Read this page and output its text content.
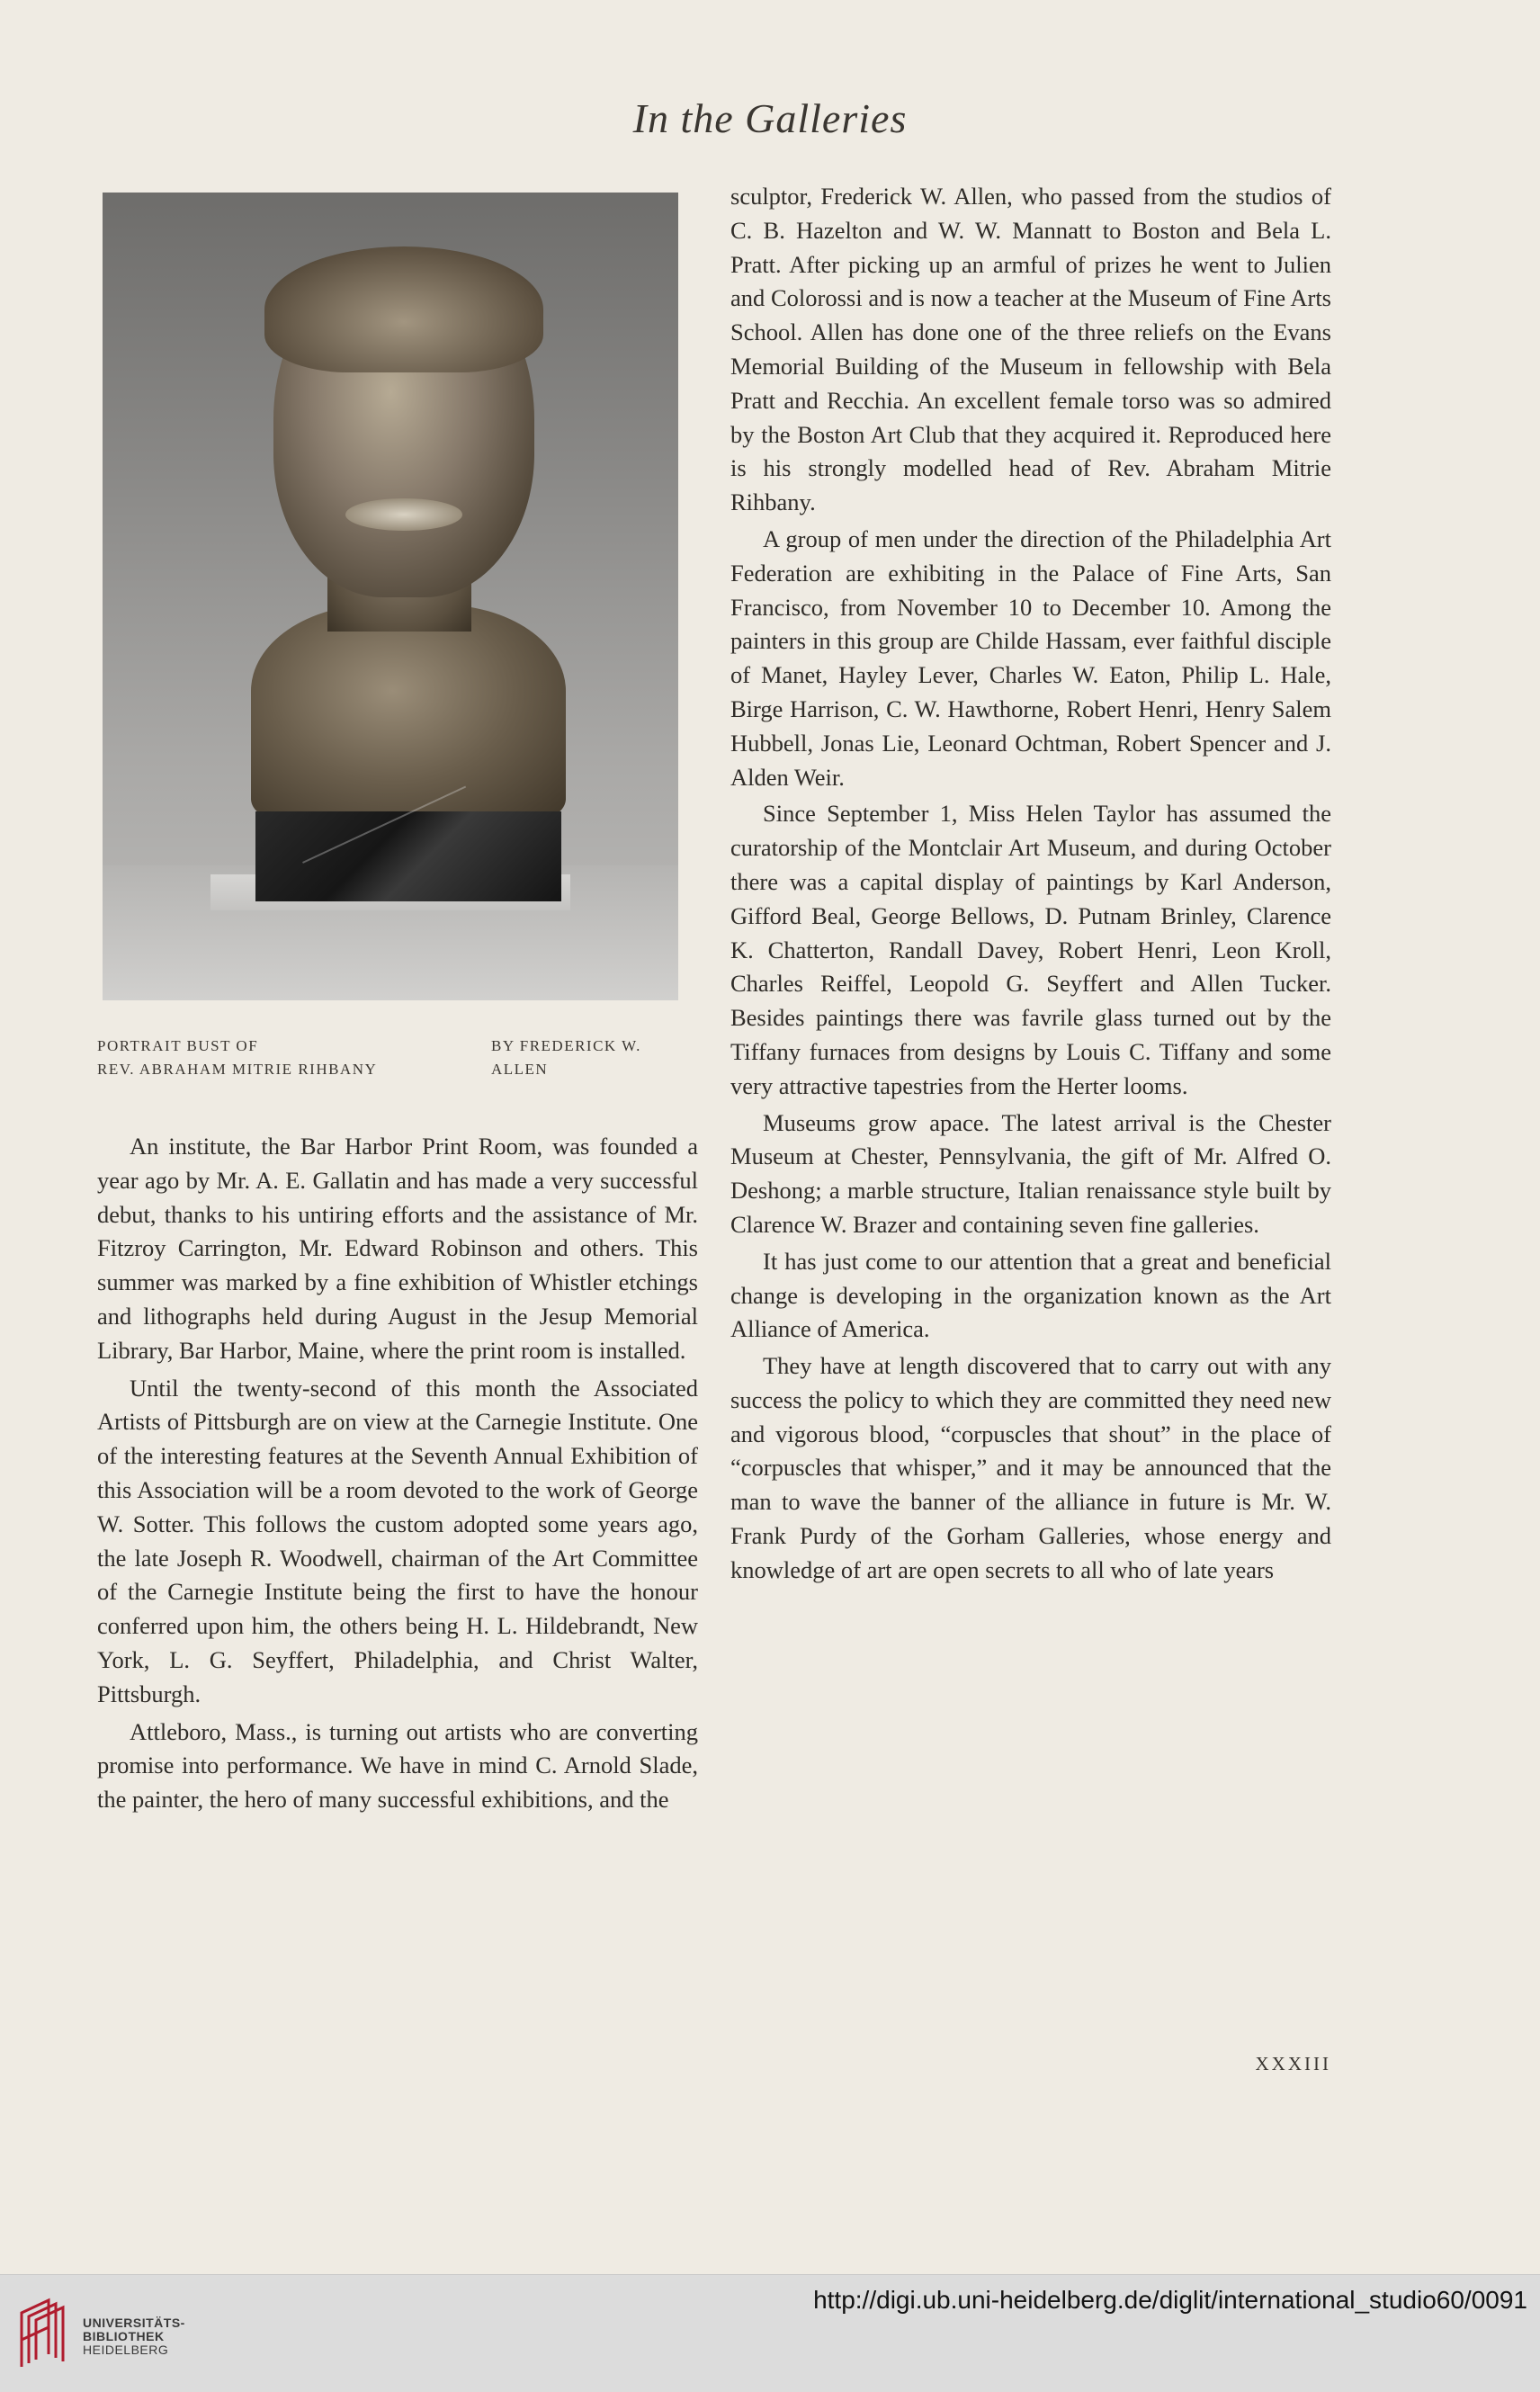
In the Galleries
PORTRAIT BUST OF
REV. ABRAHAM MITRIE RIHBANY
BY FREDERICK W.
ALLEN

An institute, the Bar Harbor Print Room, was founded a year ago by Mr. A. E. Gallatin and has made a very successful debut, thanks to his untiring efforts and the assistance of Mr. Fitzroy Carrington, Mr. Edward Robinson and others. This summer was marked by a fine exhibition of Whistler etchings and lithographs held during August in the Jesup Memorial Library, Bar Harbor, Maine, where the print room is installed.

Until the twenty-second of this month the Associated Artists of Pittsburgh are on view at the Carnegie Institute. One of the interesting features at the Seventh Annual Exhibition of this Association will be a room devoted to the work of George W. Sotter. This follows the custom adopted some years ago, the late Joseph R. Woodwell, chairman of the Art Committee of the Carnegie Institute being the first to have the honour conferred upon him, the others being H. L. Hildebrandt, New York, L. G. Seyffert, Philadelphia, and Christ Walter, Pittsburgh.

Attleboro, Mass., is turning out artists who are converting promise into performance. We have in mind C. Arnold Slade, the painter, the hero of many successful exhibitions, and the

sculptor, Frederick W. Allen, who passed from the studios of C. B. Hazelton and W. W. Mannatt to Boston and Bela L. Pratt. After picking up an armful of prizes he went to Julien and Colorossi and is now a teacher at the Museum of Fine Arts School. Allen has done one of the three reliefs on the Evans Memorial Building of the Museum in fellowship with Bela Pratt and Recchia. An excellent female torso was so admired by the Boston Art Club that they acquired it. Reproduced here is his strongly modelled head of Rev. Abraham Mitrie Rihbany.

A group of men under the direction of the Philadelphia Art Federation are exhibiting in the Palace of Fine Arts, San Francisco, from November 10 to December 10. Among the painters in this group are Childe Hassam, ever faithful disciple of Manet, Hayley Lever, Charles W. Eaton, Philip L. Hale, Birge Harrison, C. W. Hawthorne, Robert Henri, Henry Salem Hubbell, Jonas Lie, Leonard Ochtman, Robert Spencer and J. Alden Weir.

Since September 1, Miss Helen Taylor has assumed the curatorship of the Montclair Art Museum, and during October there was a capital display of paintings by Karl Anderson, Gifford Beal, George Bellows, D. Putnam Brinley, Clarence K. Chatterton, Randall Davey, Robert Henri, Leon Kroll, Charles Reiffel, Leopold G. Seyffert and Allen Tucker. Besides paintings there was favrile glass turned out by the Tiffany furnaces from designs by Louis C. Tiffany and some very attractive tapestries from the Herter looms.

Museums grow apace. The latest arrival is the Chester Museum at Chester, Pennsylvania, the gift of Mr. Alfred O. Deshong; a marble structure, Italian renaissance style built by Clarence W. Brazer and containing seven fine galleries.

It has just come to our attention that a great and beneficial change is developing in the organization known as the Art Alliance of America.

They have at length discovered that to carry out with any success the policy to which they are committed they need new and vigorous blood, “corpuscles that shout” in the place of “corpuscles that whisper,” and it may be announced that the man to wave the banner of the alliance in future is Mr. W. Frank Purdy of the Gorham Galleries, whose energy and knowledge of art are open secrets to all who of late years

XXXIII
UNIVERSITÄTS-
BIBLIOTHEK
HEIDELBERG
http://digi.ub.uni-heidelberg.de/diglit/international_studio60/0091
